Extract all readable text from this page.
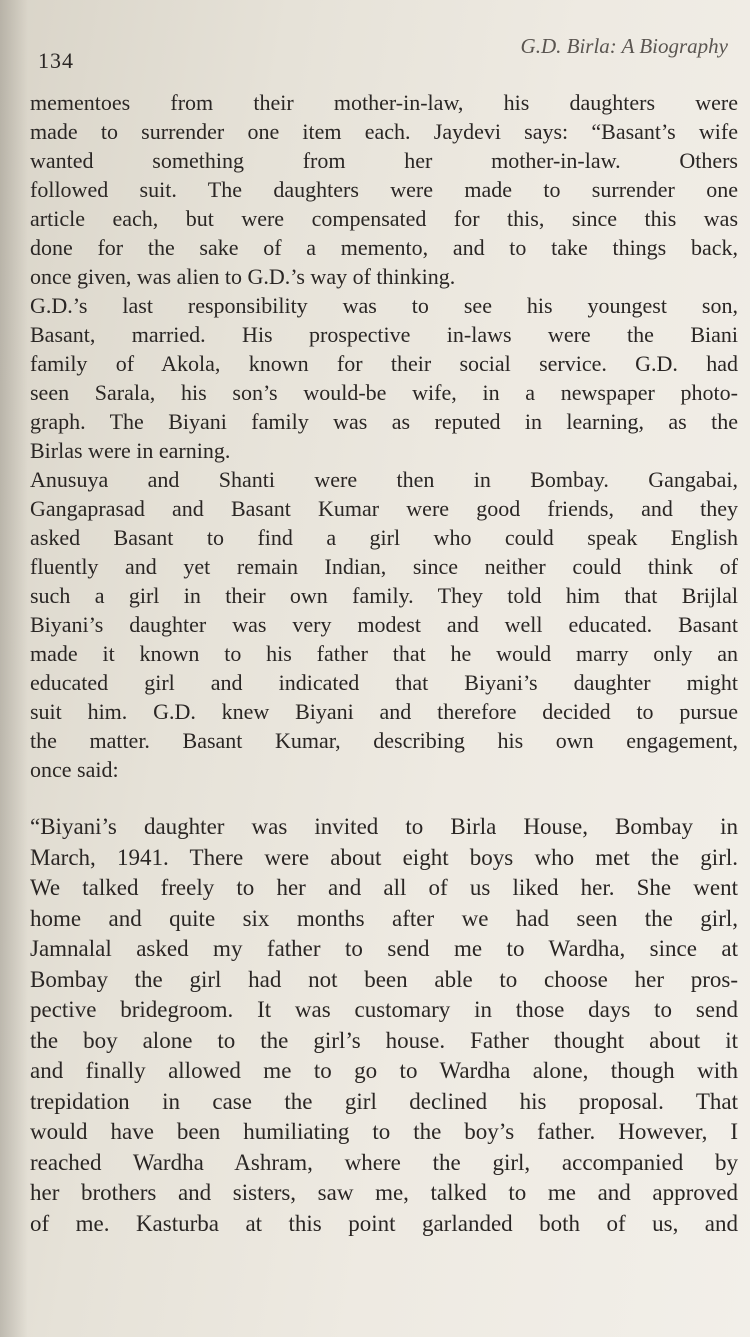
134
G.D. Birla: A Biography
mementoes from their mother-in-law, his daughters were
made to surrender one item each. Jaydevi says: “Basant’s wife
wanted something from her mother-in-law. Others
followed suit. The daughters were made to surrender one
article each, but were compensated for this, since this was
done for the sake of a memento, and to take things back,
once given, was alien to G.D.’s way of thinking.
G.D.’s last responsibility was to see his youngest son,
Basant, married. His prospective in-laws were the Biani
family of Akola, known for their social service. G.D. had
seen Sarala, his son’s would-be wife, in a newspaper photo-
graph. The Biyani family was as reputed in learning, as the
Birlas were in earning.
Anusuya and Shanti were then in Bombay. Gangabai,
Gangaprasad and Basant Kumar were good friends, and they
asked Basant to find a girl who could speak English
fluently and yet remain Indian, since neither could think of
such a girl in their own family. They told him that Brijlal
Biyani’s daughter was very modest and well educated. Basant
made it known to his father that he would marry only an
educated girl and indicated that Biyani’s daughter might
suit him. G.D. knew Biyani and therefore decided to pursue
the matter. Basant Kumar, describing his own engagement,
once said:
“Biyani’s daughter was invited to Birla House, Bombay in
March, 1941. There were about eight boys who met the girl.
We talked freely to her and all of us liked her. She went
home and quite six months after we had seen the girl,
Jamnalal asked my father to send me to Wardha, since at
Bombay the girl had not been able to choose her pros-
pective bridegroom. It was customary in those days to send
the boy alone to the girl’s house. Father thought about it
and finally allowed me to go to Wardha alone, though with
trepidation in case the girl declined his proposal. That
would have been humiliating to the boy’s father. However, I
reached Wardha Ashram, where the girl, accompanied by
her brothers and sisters, saw me, talked to me and approved
of me. Kasturba at this point garlanded both of us, and
